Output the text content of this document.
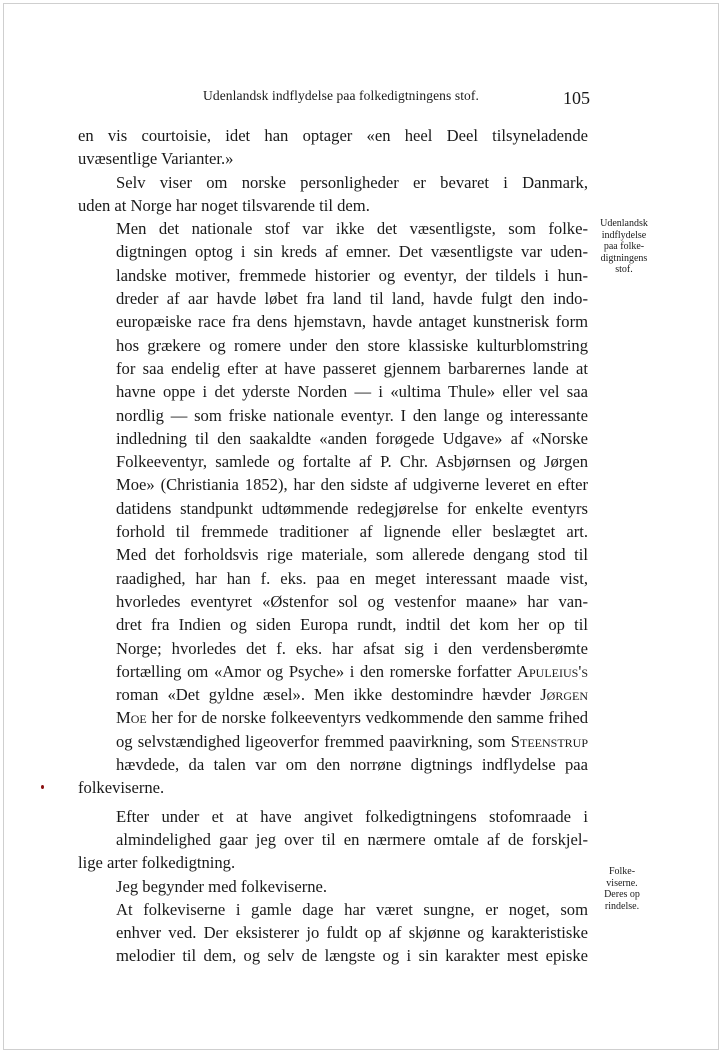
Udenlandsk indflydelse paa folkedigtningens stof.	105

en vis courtoisie, idet han optager «en heel Deel tilsyneladende
uvæsentlige Varianter.»

Selv viser om norske personligheder er bevaret i Danmark,
uden at Norge har noget tilsvarende til dem.

Men det nationale stof var ikke det væsentligste, som folke-
digtningen optog i sin kreds af emner. Det væsentligste var uden-
landske motiver, fremmede historier og eventyr, der tildels i hun-
dreder af aar havde løbet fra land til land, havde fulgt den indo-
europæiske race fra dens hjemstavn, havde antaget kunstnerisk form
hos grækere og romere under den store klassiske kulturblomstring
for saa endelig efter at have passeret gjennem barbarernes lande at
havne oppe i det yderste Norden — i «ultima Thule» eller vel saa
nordlig — som friske nationale eventyr. I den lange og interessante
indledning til den saakaldte «anden forøgede Udgave» af «Norske
Folkeeventyr, samlede og fortalte af P. Chr. Asbjørnsen og Jørgen
Moe» (Christiania 1852), har den sidste af udgiverne leveret en efter
datidens standpunkt udtømmende redegjørelse for enkelte eventyrs
forhold til fremmede traditioner af lignende eller beslægtet art.
Med det forholdsvis rige materiale, som allerede dengang stod til
raadighed, har han f. eks. paa en meget interessant maade vist,
hvorledes eventyret «Østenfor sol og vestenfor maane» har van-
dret fra Indien og siden Europa rundt, indtil det kom her op til
Norge; hvorledes det f. eks. har afsat sig i den verdensberømte
fortælling om «Amor og Psyche» i den romerske forfatter Apuleius's
roman «Det gyldne æsel». Men ikke destomindre hævder Jørgen
Moe her for de norske folkeeventyrs vedkommende den samme frihed
og selvstændighed ligeoverfor fremmed paavirkning, som Steenstrup
hævdede, da talen var om den norrøne digtnings indflydelse paa
folkeviserne.

Efter under et at have angivet folkedigtningens stofomraade i
almindelighed gaar jeg over til en nærmere omtale af de forskjel-
lige arter folkedigtning.

Jeg begynder med folkeviserne.

At folkeviserne i gamle dage har været sungne, er noget, som
enhver ved. Der eksisterer jo fuldt op af skjønne og karakteristiske
melodier til dem, og selv de længste og i sin karakter mest episke

Udenlandsk
indflydelse
paa folke-
digtningens
stof.
Folke-
viserne.
Deres op
rindelse.
